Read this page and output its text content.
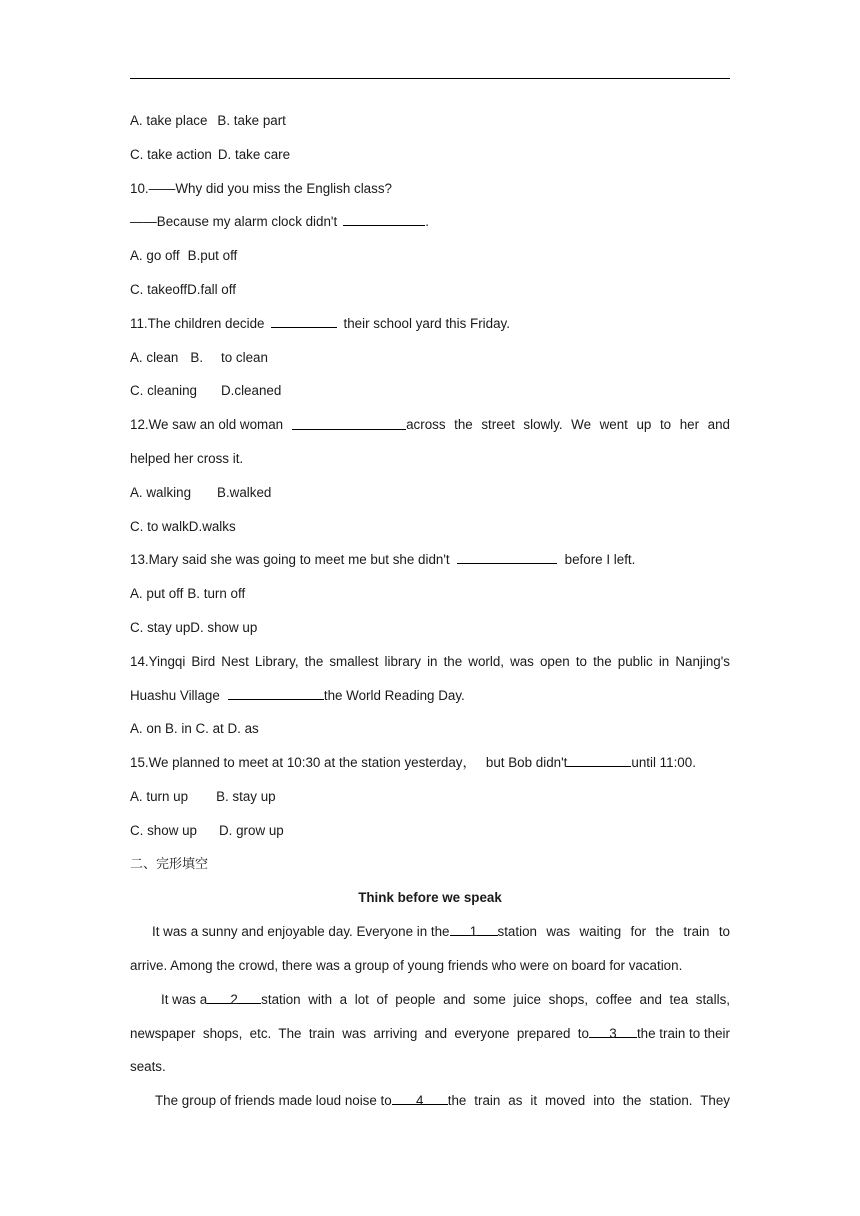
A. take place B. take part
C. take action D. take care
10.——Why did you miss the English class?
——Because my alarm clock didn't	.
A. go off B.put off
C. takeoffD.fall off
11.The children decide	their school yard this Friday.
A. clean B. to clean
C. cleaning D.cleaned
12.We saw an old woman	across the street slowly. We went up to her and
helped her cross it.
A. walking B.walked
C. to walkD.walks
13.Mary said she was going to meet me but she didn't	before I left.
A. put off B. turn off
C. stay upD. show up
14.Yingqi Bird Nest Library, the smallest library in the world, was open to the public in Nanjing's
Huashu Village	the World Reading Day.
A. on B. in C. at D. as
15.We planned to meet at 10:30 at the station yesterday， but Bob didn't	until 11:00.
A. turn up B. stay up
C. show up D. grow up
二、完形填空
Think before we speak
It was a sunny and enjoyable day. Everyone in the	1	station was waiting for the train to
arrive. Among the crowd, there was a group of young friends who were on board for vacation.
It was a	2	station with a lot of people and some juice shops, coffee and tea stalls,
newspaper shops, etc. The train was arriving and everyone prepared to	3	the train to their
seats.
The group of friends made loud noise to	4	the train as it moved into the station. They
